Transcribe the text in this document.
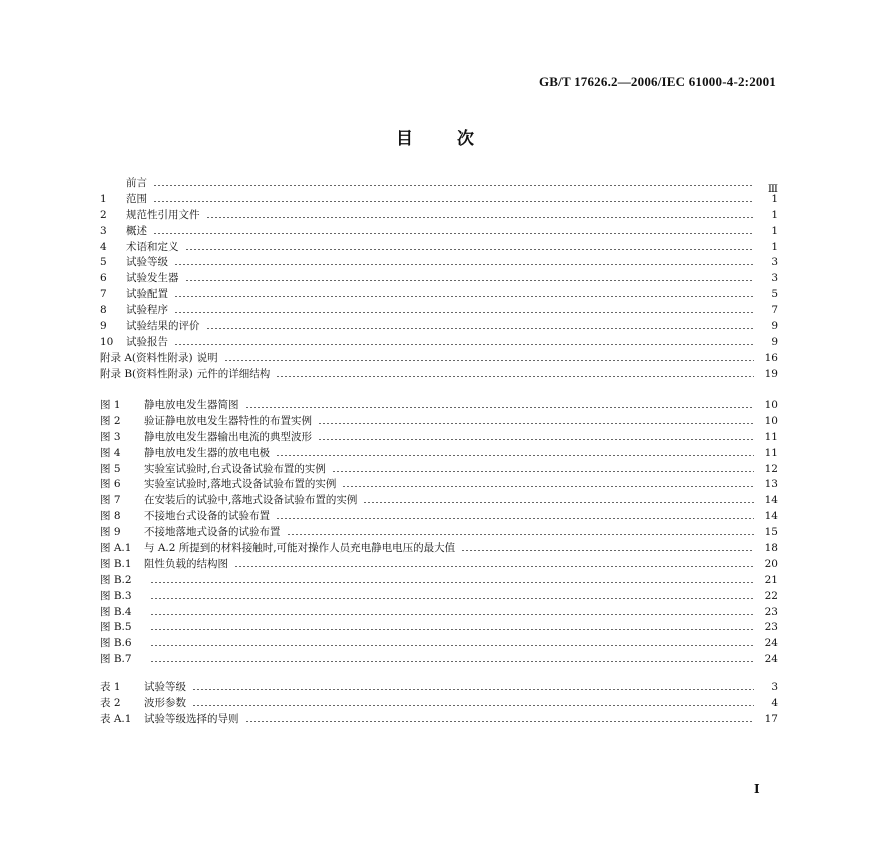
GB/T 17626.2—2006/IEC 61000-4-2:2001
目次
前言	Ⅲ
1	范围	1
2	规范性引用文件	1
3	概述	1
4	术语和定义	1
5	试验等级	3
6	试验发生器	3
7	试验配置	5
8	试验程序	7
9	试验结果的评价	9
10	试验报告	9
附录 A(资料性附录) 说明	16
附录 B(资料性附录) 元件的详细结构	19
图 1	静电放电发生器简图	10
图 2	验证静电放电发生器特性的布置实例	10
图 3	静电放电发生器输出电流的典型波形	11
图 4	静电放电发生器的放电电极	11
图 5	实验室试验时,台式设备试验布置的实例	12
图 6	实验室试验时,落地式设备试验布置的实例	13
图 7	在安装后的试验中,落地式设备试验布置的实例	14
图 8	不接地台式设备的试验布置	14
图 9	不接地落地式设备的试验布置	15
图 A.1	与 A.2 所提到的材料接触时,可能对操作人员充电静电电压的最大值	18
图 B.1	阻性负载的结构图	20
图 B.2	21
图 B.3	22
图 B.4	23
图 B.5	23
图 B.6	24
图 B.7	24
表 1	试验等级	3
表 2	波形参数	4
表 A.1	试验等级选择的导则	17
Ⅰ
